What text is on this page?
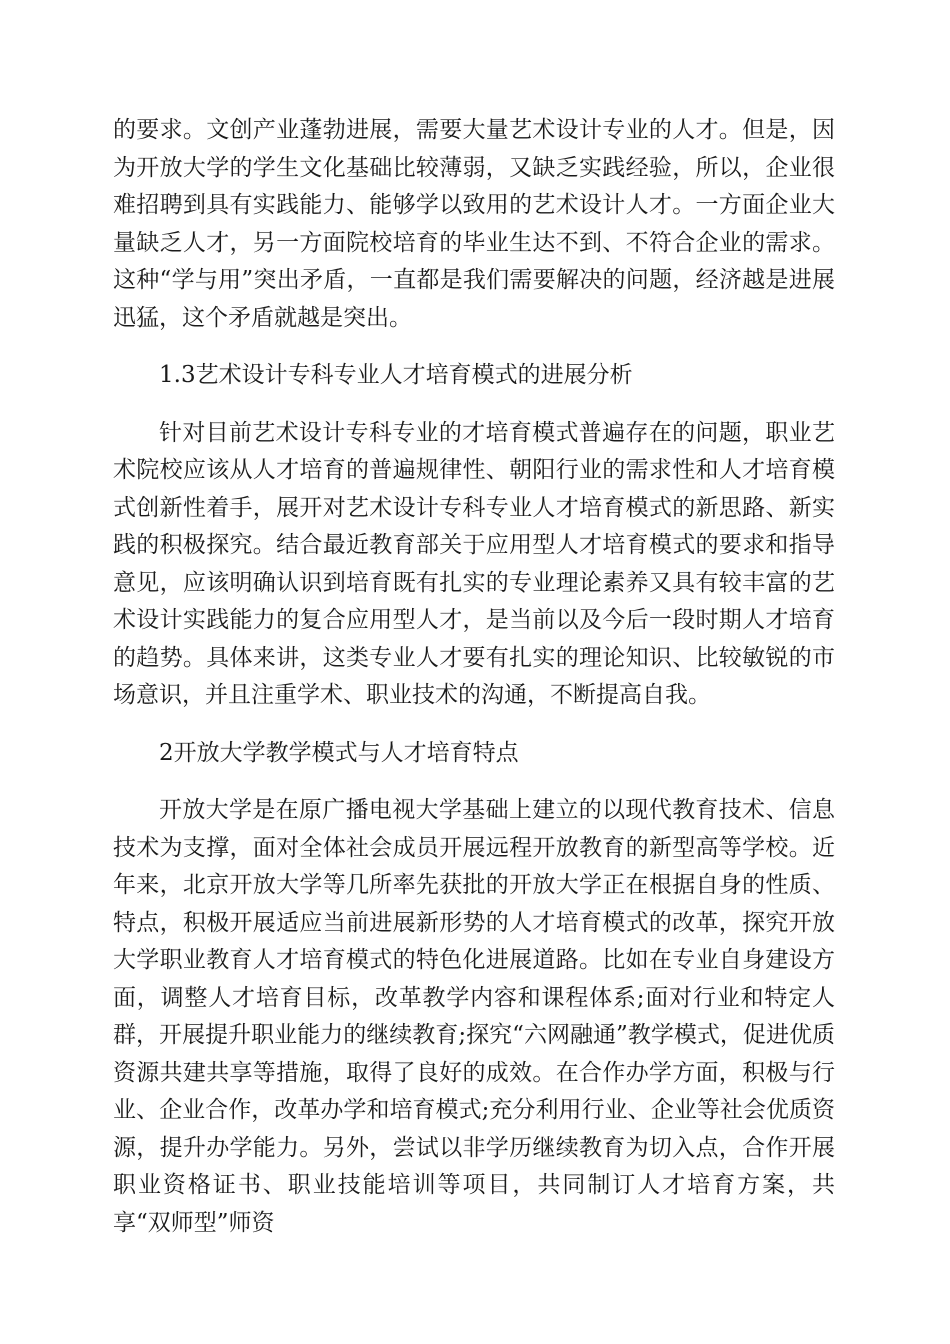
的要求。文创产业蓬勃进展，需要大量艺术设计专业的人才。但是，因为开放大学的学生文化基础比较薄弱，又缺乏实践经验，所以，企业很难招聘到具有实践能力、能够学以致用的艺术设计人才。一方面企业大量缺乏人才，另一方面院校培育的毕业生达不到、不符合企业的需求。这种“学与用”突出矛盾，一直都是我们需要解决的问题，经济越是进展迅猛，这个矛盾就越是突出。

1.3艺术设计专科专业人才培育模式的进展分析

针对目前艺术设计专科专业的才培育模式普遍存在的问题，职业艺术院校应该从人才培育的普遍规律性、朝阳行业的需求性和人才培育模式创新性着手，展开对艺术设计专科专业人才培育模式的新思路、新实践的积极探究。结合最近教育部关于应用型人才培育模式的要求和指导意见，应该明确认识到培育既有扎实的专业理论素养又具有较丰富的艺术设计实践能力的复合应用型人才，是当前以及今后一段时期人才培育的趋势。具体来讲，这类专业人才要有扎实的理论知识、比较敏锐的市场意识，并且注重学术、职业技术的沟通，不断提高自我。

2开放大学教学模式与人才培育特点

开放大学是在原广播电视大学基础上建立的以现代教育技术、信息技术为支撑，面对全体社会成员开展远程开放教育的新型高等学校。近年来，北京开放大学等几所率先获批的开放大学正在根据自身的性质、特点，积极开展适应当前进展新形势的人才培育模式的改革，探究开放大学职业教育人才培育模式的特色化进展道路。比如在专业自身建设方面，调整人才培育目标，改革教学内容和课程体系;面对行业和特定人群，开展提升职业能力的继续教育;探究“六网融通”教学模式，促进优质资源共建共享等措施，取得了良好的成效。在合作办学方面，积极与行业、企业合作，改革办学和培育模式;充分利用行业、企业等社会优质资源，提升办学能力。另外，尝试以非学历继续教育为切入点，合作开展职业资格证书、职业技能培训等项目，共同制订人才培育方案，共享“双师型”师资
